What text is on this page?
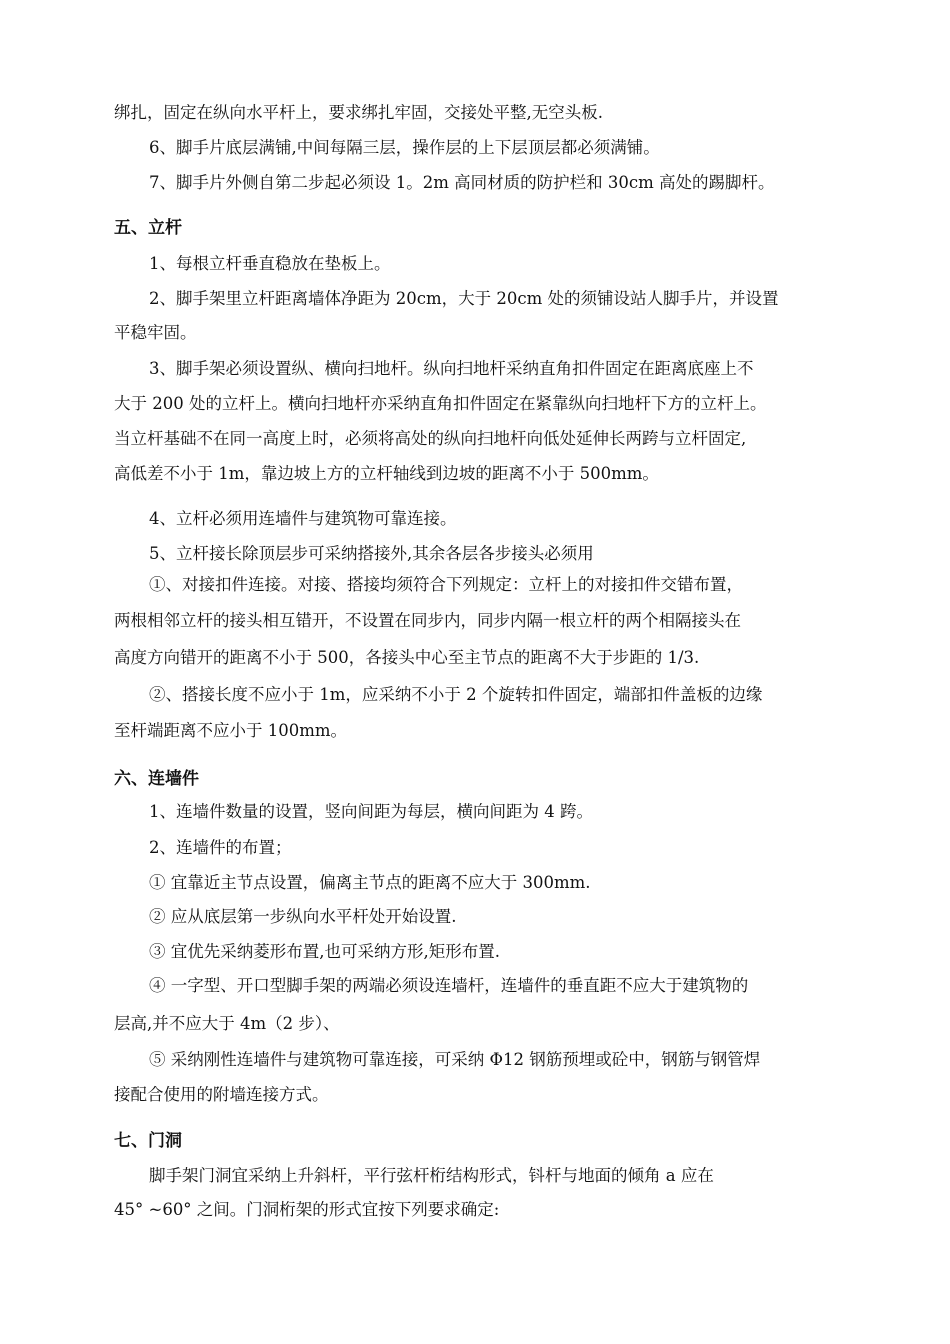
绑扎，固定在纵向水平杆上，要求绑扎牢固，交接处平整,无空头板.
6、脚手片底层满铺,中间每隔三层，操作层的上下层顶层都必须满铺。
7、脚手片外侧自第二步起必须设 1。2m 高同材质的防护栏和 30cm 高处的踢脚杆。
五、立杆
1、每根立杆垂直稳放在垫板上。
2、脚手架里立杆距离墙体净距为 20cm，大于 20cm 处的须铺设站人脚手片，并设置
平稳牢固。
3、脚手架必须设置纵、横向扫地杆。纵向扫地杆采纳直角扣件固定在距离底座上不
大于 200 处的立杆上。横向扫地杆亦采纳直角扣件固定在紧靠纵向扫地杆下方的立杆上。
当立杆基础不在同一高度上时，必须将高处的纵向扫地杆向低处延伸长两跨与立杆固定,
高低差不小于 1m，靠边坡上方的立杆轴线到边坡的距离不小于 500mm。
4、立杆必须用连墙件与建筑物可靠连接。
5、立杆接长除顶层步可采纳搭接外,其余各层各步接头必须用
①、对接扣件连接。对接、搭接均须符合下列规定：立杆上的对接扣件交错布置，
两根相邻立杆的接头相互错开，不设置在同步内，同步内隔一根立杆的两个相隔接头在
高度方向错开的距离不小于 500，各接头中心至主节点的距离不大于步距的 1/3.
②、搭接长度不应小于 1m，应采纳不小于 2 个旋转扣件固定，端部扣件盖板的边缘
至杆端距离不应小于 100mm。
六、连墙件
1、连墙件数量的设置，竖向间距为每层，横向间距为 4 跨。
2、连墙件的布置；
① 宜靠近主节点设置，偏离主节点的距离不应大于 300mm.
② 应从底层第一步纵向水平杆处开始设置.
③ 宜优先采纳菱形布置,也可采纳方形,矩形布置.
④ 一字型、开口型脚手架的两端必须设连墙杆，连墙件的垂直距不应大于建筑物的
层高,并不应大于 4m（2 步）、
⑤ 采纳刚性连墙件与建筑物可靠连接，可采纳 Φ12 钢筋预埋或砼中，钢筋与钢管焊
接配合使用的附墙连接方式。
七、门洞
脚手架门洞宜采纳上升斜杆，平行弦杆桁结构形式，钭杆与地面的倾角 a 应在
45° ~60° 之间。门洞桁架的形式宜按下列要求确定:
